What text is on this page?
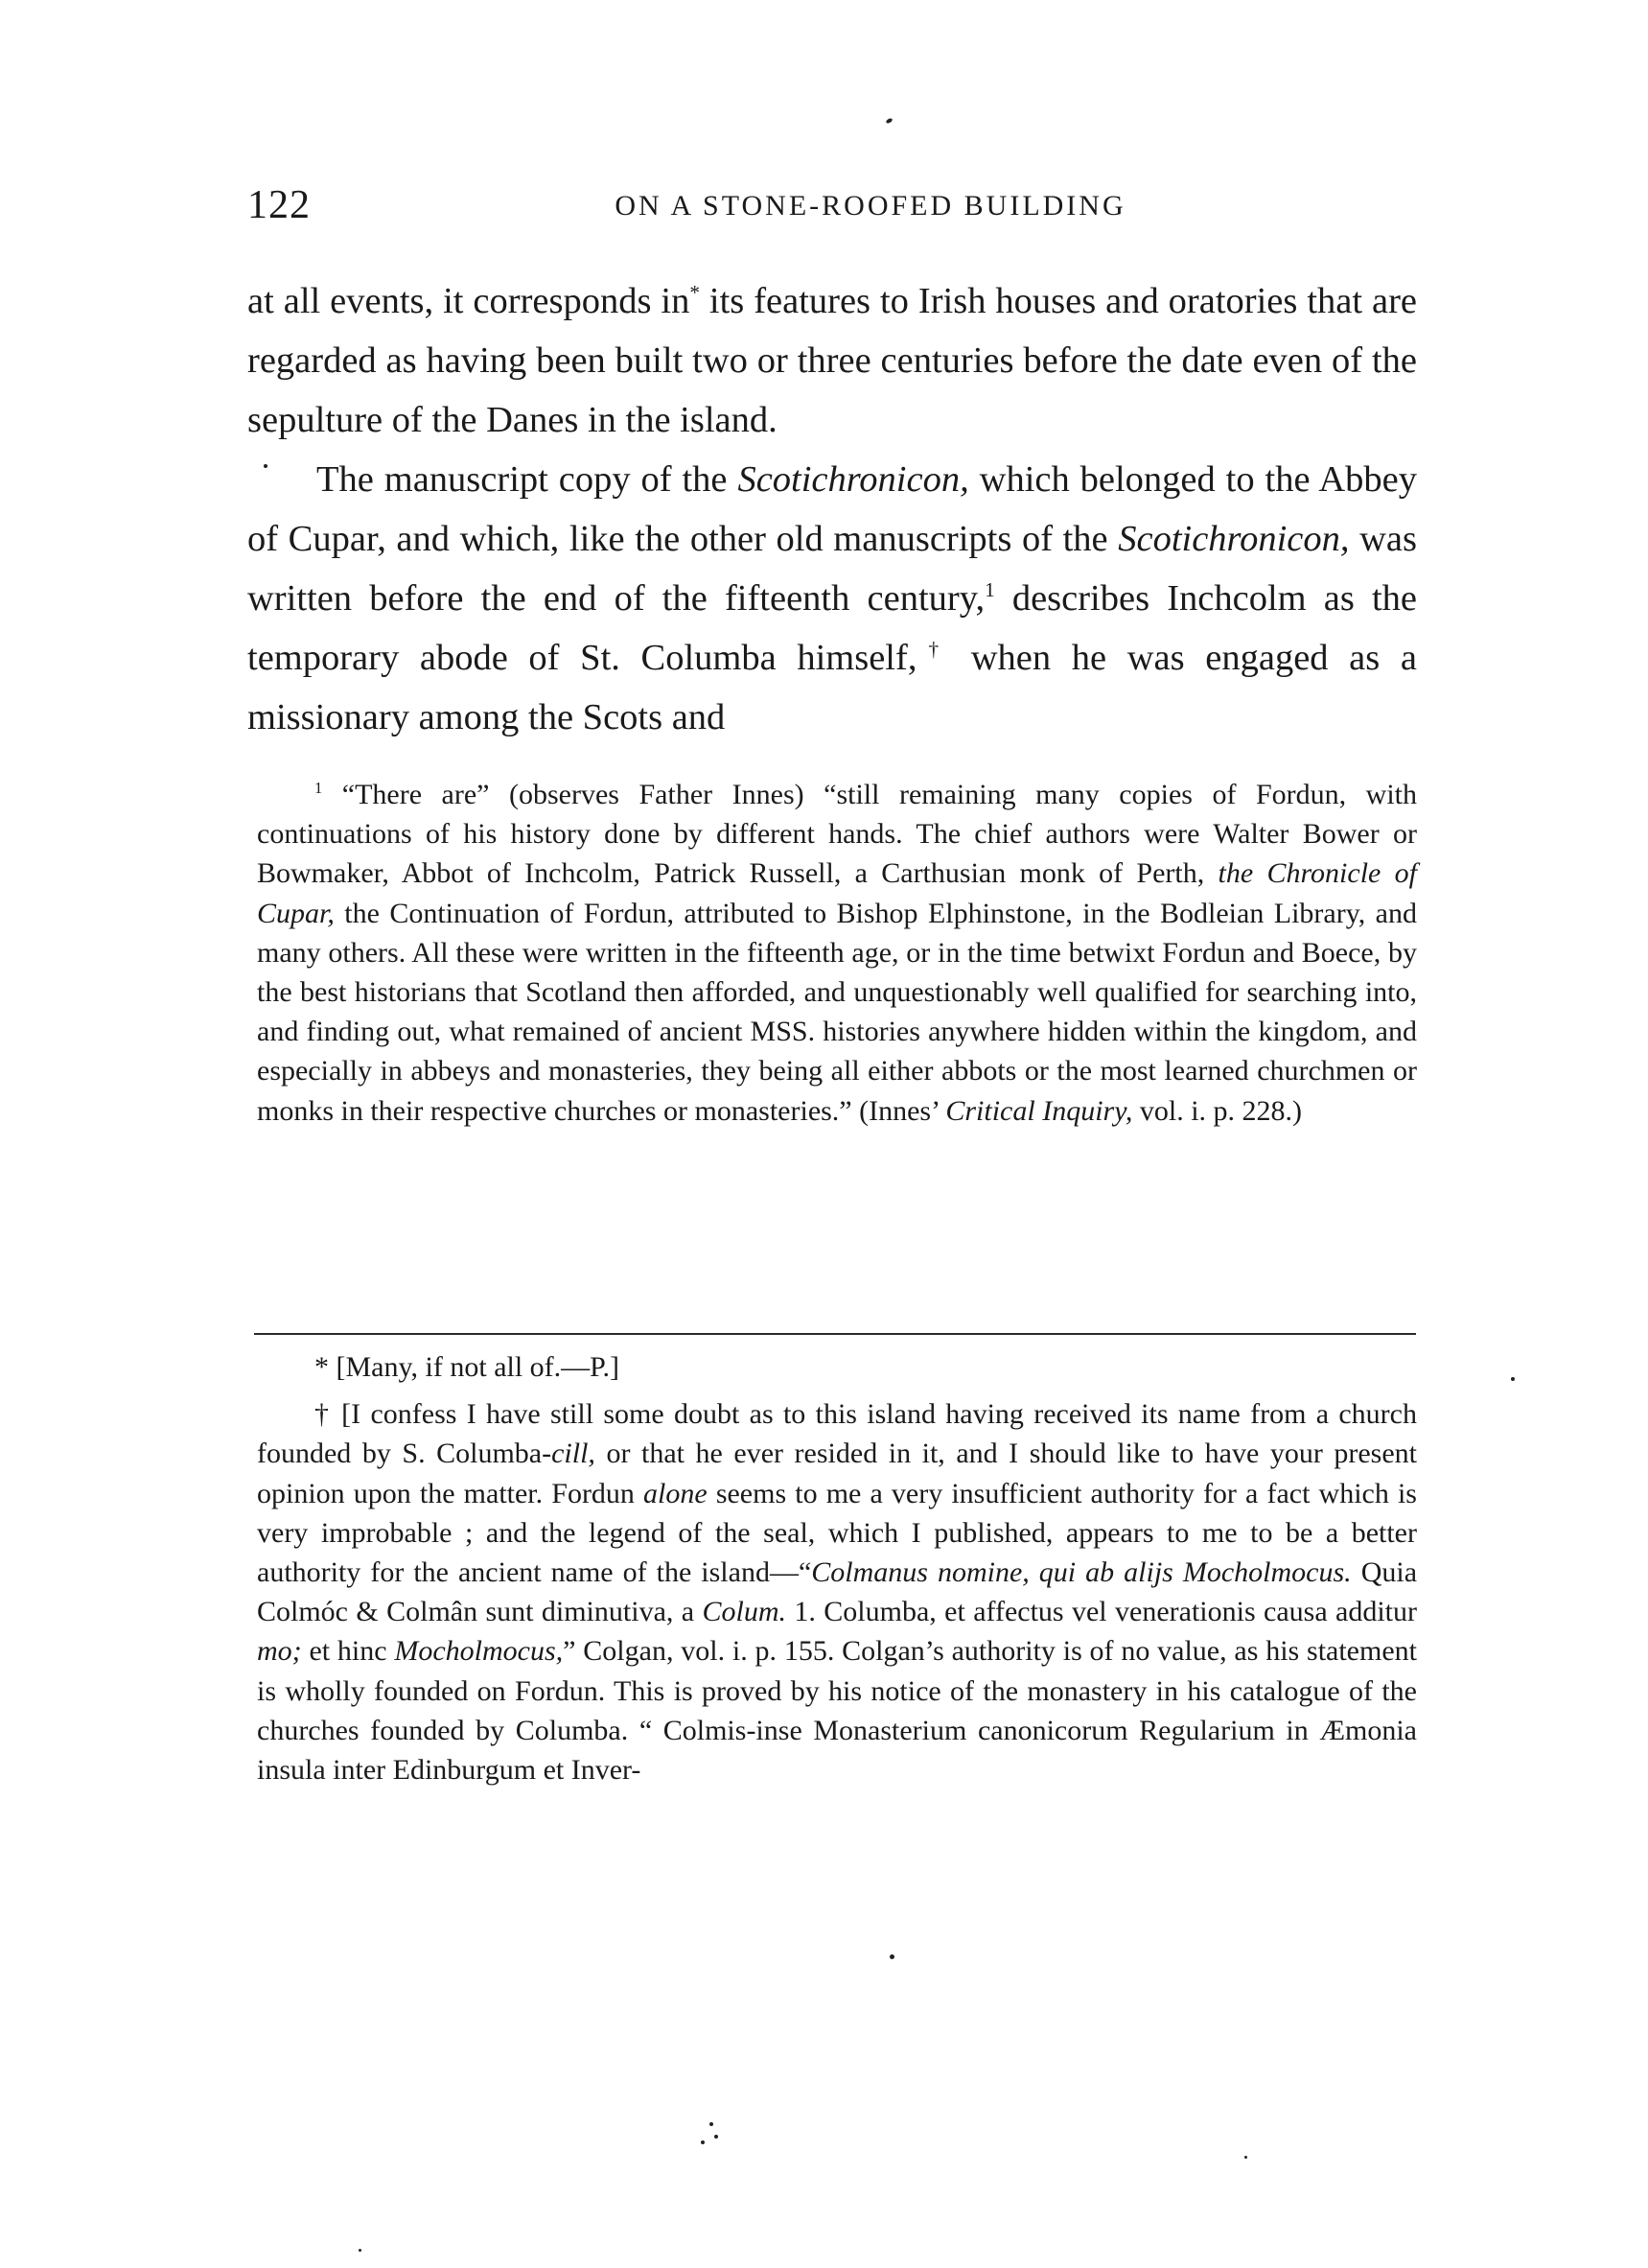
122	ON A STONE-ROOFED BUILDING

at all events, it corresponds in* its features to Irish houses and oratories that are regarded as having been built two or three centuries before the date even of the sepulture of the Danes in the island.

The manuscript copy of the Scotichronicon, which belonged to the Abbey of Cupar, and which, like the other old manuscripts of the Scotichronicon, was written before the end of the fifteenth century,$^1$ describes Inchcolm as the temporary abode of St. Columba himself,† when he was engaged as a missionary among the Scots and

$^1$ “There are” (observes Father Innes) “still remaining many copies of Fordun, with continuations of his history done by different hands. The chief authors were Walter Bower or Bowmaker, Abbot of Inchcolm, Patrick Russell, a Carthusian monk of Perth, the Chronicle of Cupar, the Continuation of Fordun, attributed to Bishop Elphinstone, in the Bodleian Library, and many others. All these were written in the fifteenth age, or in the time betwixt Fordun and Boece, by the best historians that Scotland then afforded, and unquestionably well qualified for searching into, and finding out, what remained of ancient MSS. histories anywhere hidden within the kingdom, and especially in abbeys and monasteries, they being all either abbots or the most learned churchmen or monks in their respective churches or monasteries.” (Innes’ Critical Inquiry, vol. i. p. 228.)

* [Many, if not all of.—P.]

† [I confess I have still some doubt as to this island having received its name from a church founded by S. Columba-cill, or that he ever resided in it, and I should like to have your present opinion upon the matter. Fordun alone seems to me a very insufficient authority for a fact which is very improbable ; and the legend of the seal, which I published, appears to me to be a better authority for the ancient name of the island—“Colmanus nomine, qui ab aliјs Mocholmocus. Quia Colmóc & Colmân sunt diminutiva, a Colum. 1. Columba, et affectus vel venerationis causa additur mo; et hinc Mocholmocus,” Colgan, vol. i. p. 155. Colgan’s authority is of no value, as his statement is wholly founded on Fordun. This is proved by his notice of the monastery in his catalogue of the churches founded by Columba. “ Colmis-inse Monasterium canonicorum Regularium in Æmonia insula inter Edinburgum et Inver-
